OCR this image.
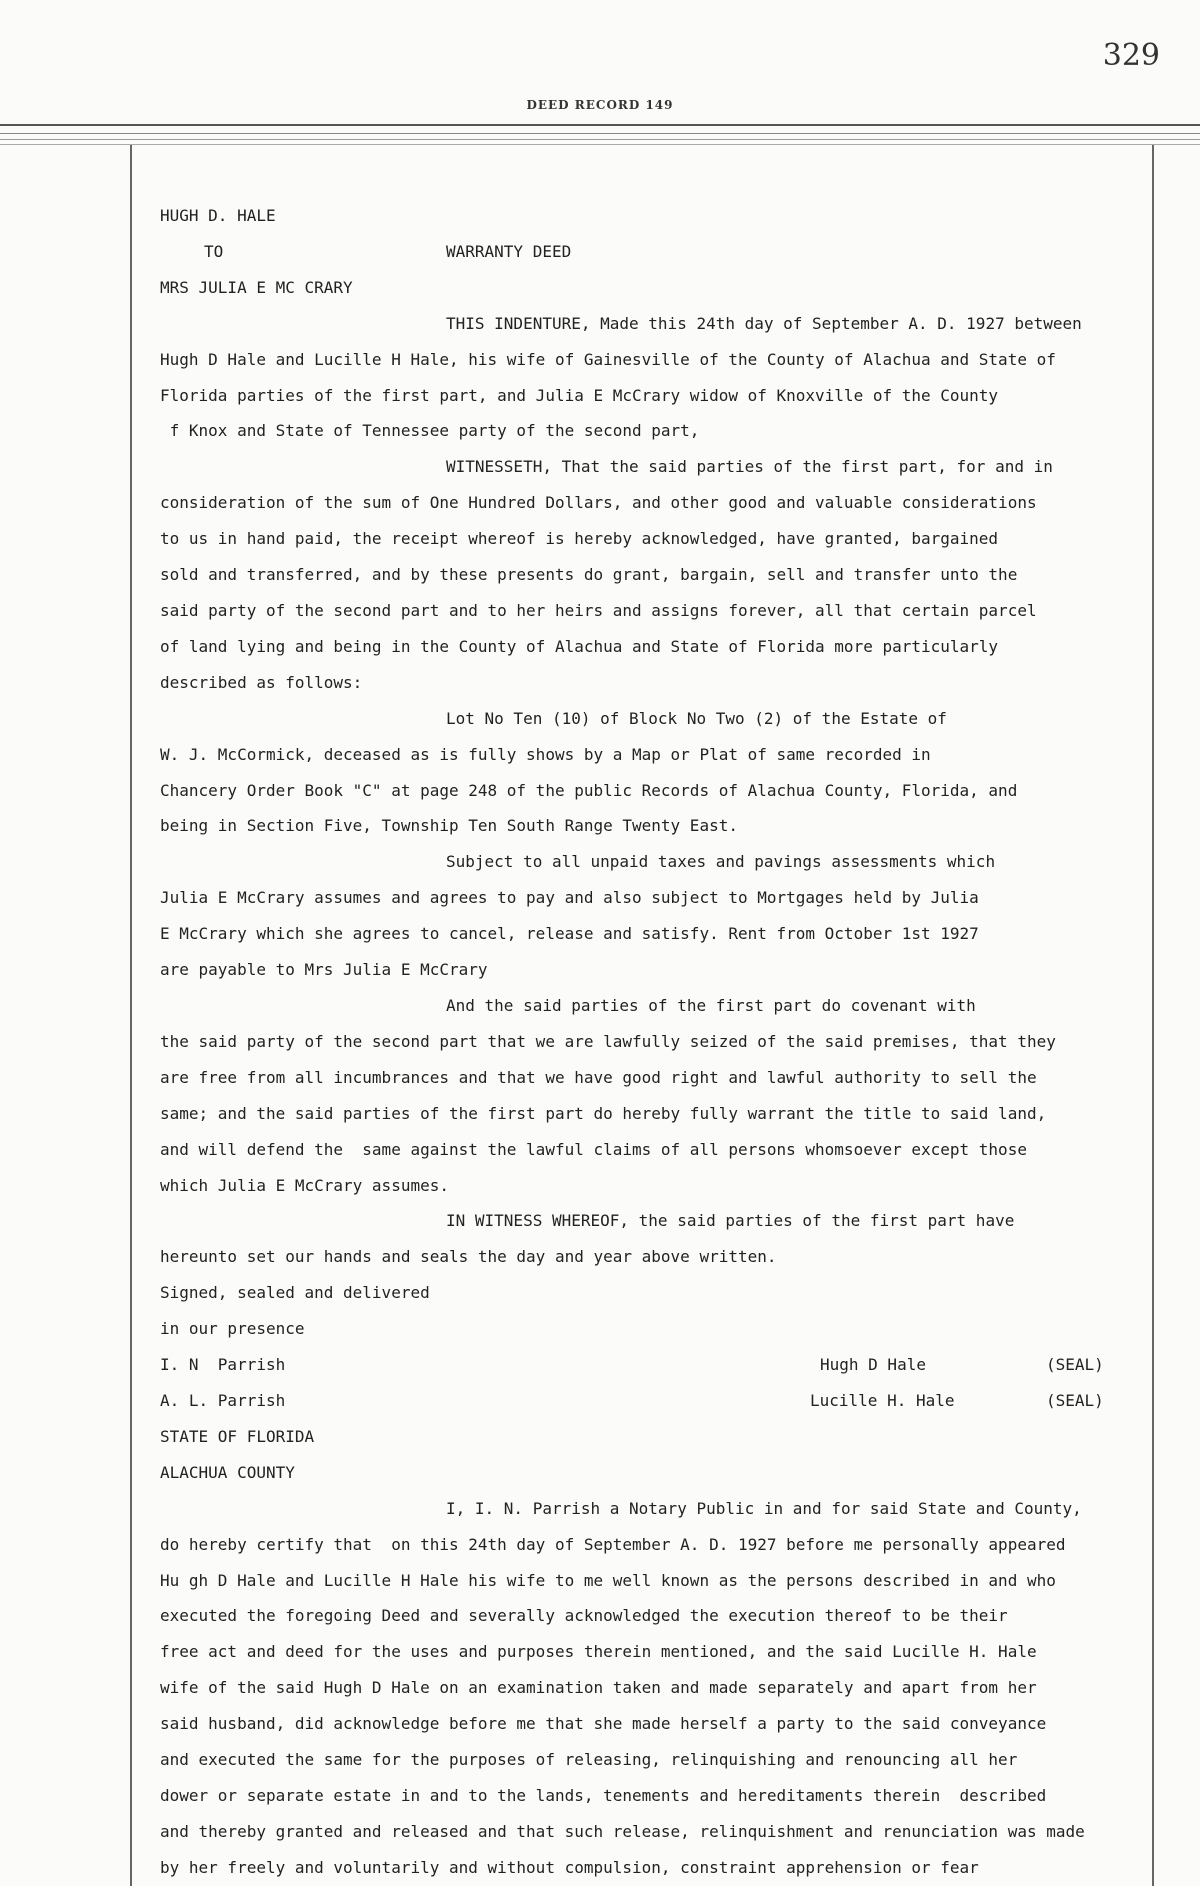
329
DEED RECORD 149
HUGH D. HALE
TO	WARRANTY DEED
MRS JULIA E MC CRARY
THIS INDENTURE, Made this 24th day of September A. D. 1927 between
Hugh D Hale and Lucille H Hale, his wife of Gainesville of the County of Alachua and State of
Florida parties of the first part, and Julia E McCrary widow of Knoxville of the County
f Knox and State of Tennessee party of the second part,
WITNESSETH, That the said parties of the first part, for and in
consideration of the sum of One Hundred Dollars, and other good and valuable considerations
to us in hand paid, the receipt whereof is hereby acknowledged, have granted, bargained
sold and transferred, and by these presents do grant, bargain, sell and transfer unto the
said party of the second part and to her heirs and assigns forever, all that certain parcel
of land lying and being in the County of Alachua and State of Florida more particularly
described as follows:
Lot No Ten (10) of Block No Two (2) of the Estate of
W. J. McCormick, deceased as is fully shows by a Map or Plat of same recorded in
Chancery Order Book "C" at page 248 of the public Records of Alachua County, Florida, and
being in Section Five, Township Ten South Range Twenty East.
Subject to all unpaid taxes and pavings assessments which
Julia E McCrary assumes and agrees to pay and also subject to Mortgages held by Julia
E McCrary which she agrees to cancel, release and satisfy. Rent from October 1st 1927
are payable to Mrs Julia E McCrary
And the said parties of the first part do covenant with
the said party of the second part that we are lawfully seized of the said premises, that they
are free from all incumbrances and that we have good right and lawful authority to sell the
same; and the said parties of the first part do hereby fully warrant the title to said land,
and will defend the  same against the lawful claims of all persons whomsoever except those
which Julia E McCrary assumes.
IN WITNESS WHEREOF, the said parties of the first part have
hereunto set our hands and seals the day and year above written.
Signed, sealed and delivered
in our presence
I. N  Parrish	Hugh D Hale	(SEAL)
A. L. Parrish	Lucille H. Hale	(SEAL)
STATE OF FLORIDA
ALACHUA COUNTY
I, I. N. Parrish a Notary Public in and for said State and County,
do hereby certify that  on this 24th day of September A. D. 1927 before me personally appeared
Hu gh D Hale and Lucille H Hale his wife to me well known as the persons described in and who
executed the foregoing Deed and severally acknowledged the execution thereof to be their
free act and deed for the uses and purposes therein mentioned, and the said Lucille H. Hale
wife of the said Hugh D Hale on an examination taken and made separately and apart from her
said husband, did acknowledge before me that she made herself a party to the said conveyance
and executed the same for the purposes of releasing, relinquishing and renouncing all her
dower or separate estate in and to the lands, tenements and hereditaments therein  described
and thereby granted and released and that such release, relinquishment and renunciation was made
by her freely and voluntarily and without compulsion, constraint apprehension or fear
